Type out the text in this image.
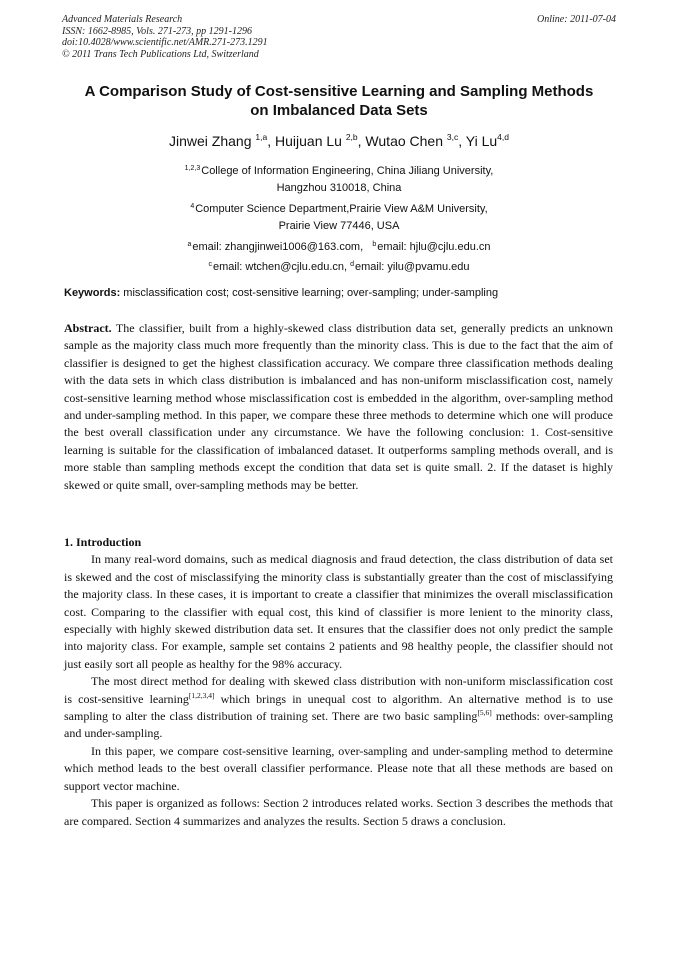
Advanced Materials Research	Online: 2011-07-04
ISSN: 1662-8985, Vols. 271-273, pp 1291-1296
doi:10.4028/www.scientific.net/AMR.271-273.1291
© 2011 Trans Tech Publications Ltd, Switzerland
A Comparison Study of Cost-sensitive Learning and Sampling Methods
on Imbalanced Data Sets
Jinwei Zhang $^{1,a}$, Huijuan Lu $^{2,b}$, Wutao Chen $^{3,c}$, Yi Lu$^{4,d}$
$^{1,2,3}$College of Information Engineering, China Jiliang University,
Hangzhou 310018, China
$^4$Computer Science Department,Prairie View A&M University,
Prairie View 77446, USA
$^a$email: zhangjinwei1006@163.com, $^b$email: hjlu@cjlu.edu.cn
$^c$email: wtchen@cjlu.edu.cn, $^d$email: yilu@pvamu.edu
Keywords: misclassification cost; cost-sensitive learning; over-sampling; under-sampling

Abstract. The classifier, built from a highly-skewed class distribution data set, generally predicts an unknown sample as the majority class much more frequently than the minority class. This is due to the fact that the aim of classifier is designed to get the highest classification accuracy. We compare three classification methods dealing with the data sets in which class distribution is imbalanced and has non-uniform misclassification cost, namely cost-sensitive learning method whose misclassification cost is embedded in the algorithm, over-sampling method and under-sampling method. In this paper, we compare these three methods to determine which one will produce the best overall classification under any circumstance. We have the following conclusion: 1. Cost-sensitive learning is suitable for the classification of imbalanced dataset. It outperforms sampling methods overall, and is more stable than sampling methods except the condition that data set is quite small. 2. If the dataset is highly skewed or quite small, over-sampling methods may be better.

1. Introduction

In many real-word domains, such as medical diagnosis and fraud detection, the class distribution of data set is skewed and the cost of misclassifying the minority class is substantially greater than the cost of misclassifying the majority class. In these cases, it is important to create a classifier that minimizes the overall misclassification cost. Comparing to the classifier with equal cost, this kind of classifier is more lenient to the minority class, especially with highly skewed distribution data set. It ensures that the classifier does not only predict the sample into majority class. For example, sample set contains 2 patients and 98 healthy people, the classifier should not just easily sort all people as healthy for the 98% accuracy.

The most direct method for dealing with skewed class distribution with non-uniform misclassification cost is cost-sensitive learning[1,2,3,4] which brings in unequal cost to algorithm. An alternative method is to use sampling to alter the class distribution of training set. There are two basic sampling[5,6] methods: over-sampling and under-sampling.

In this paper, we compare cost-sensitive learning, over-sampling and under-sampling method to determine which method leads to the best overall classifier performance. Please note that all these methods are based on support vector machine.

This paper is organized as follows: Section 2 introduces related works. Section 3 describes the methods that are compared. Section 4 summarizes and analyzes the results. Section 5 draws a conclusion.
